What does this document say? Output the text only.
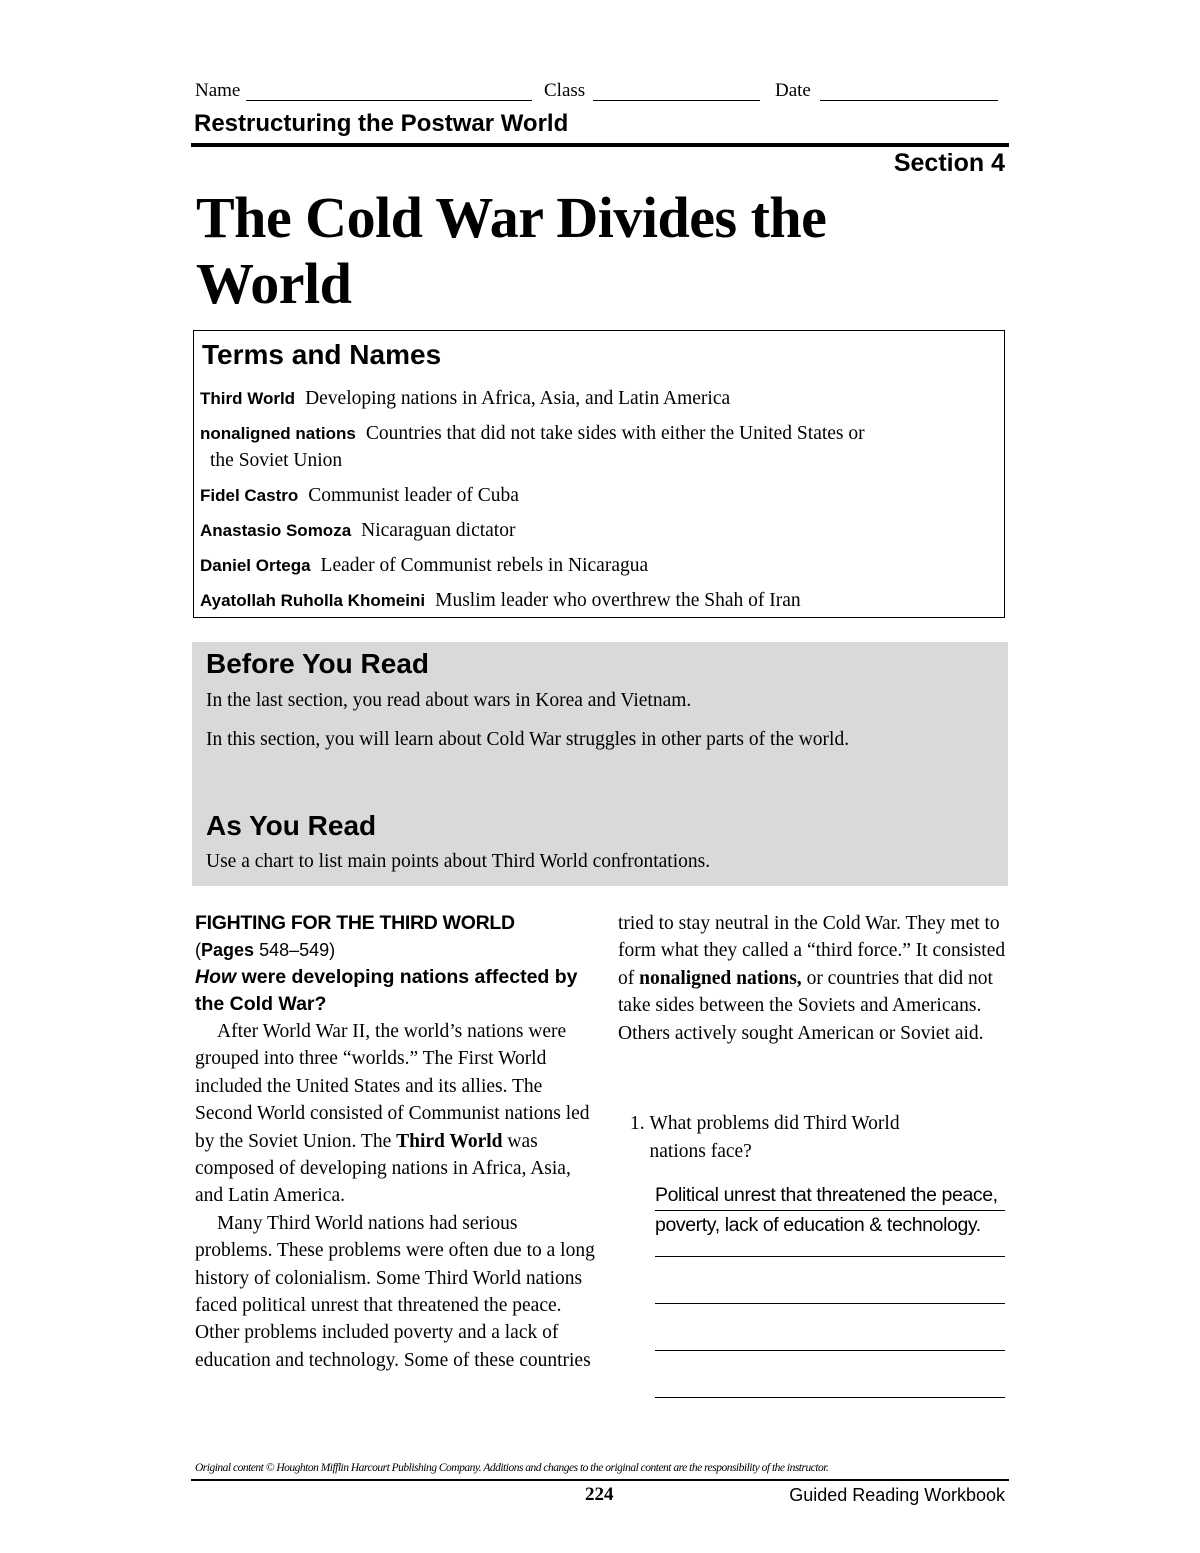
Name	Class	Date
Restructuring the Postwar World
Section 4
The Cold War Divides the World
Terms and Names
Third World Developing nations in Africa, Asia, and Latin America
nonaligned nations Countries that did not take sides with either the United States or
the Soviet Union
Fidel Castro Communist leader of Cuba
Anastasio Somoza Nicaraguan dictator
Daniel Ortega Leader of Communist rebels in Nicaragua
Ayatollah Ruholla Khomeini Muslim leader who overthrew the Shah of Iran
Before You Read
In the last section, you read about wars in Korea and Vietnam.
In this section, you will learn about Cold War struggles in other parts of the world.
As You Read
Use a chart to list main points about Third World confrontations.
FIGHTING FOR THE THIRD WORLD
(Pages 548–549)
How were developing nations affected by the Cold War?

After World War II, the world’s nations were grouped into three “worlds.” The First World included the United States and its allies. The Second World consisted of Communist nations led by the Soviet Union. The Third World was composed of developing nations in Africa, Asia, and Latin America.

Many Third World nations had serious problems. These problems were often due to a long history of colonialism. Some Third World nations faced political unrest that threatened the peace. Other problems included poverty and a lack of education and technology. Some of these countries

tried to stay neutral in the Cold War. They met to form what they called a “third force.” It consisted of nonaligned nations, or countries that did not take sides between the Soviets and Americans. Others actively sought American or Soviet aid.

1. What problems did Third World nations face?
Political unrest that threatened the peace,
poverty, lack of education & technology.
Original content © Houghton Mifflin Harcourt Publishing Company. Additions and changes to the original content are the responsibility of the instructor.
224	Guided Reading Workbook
